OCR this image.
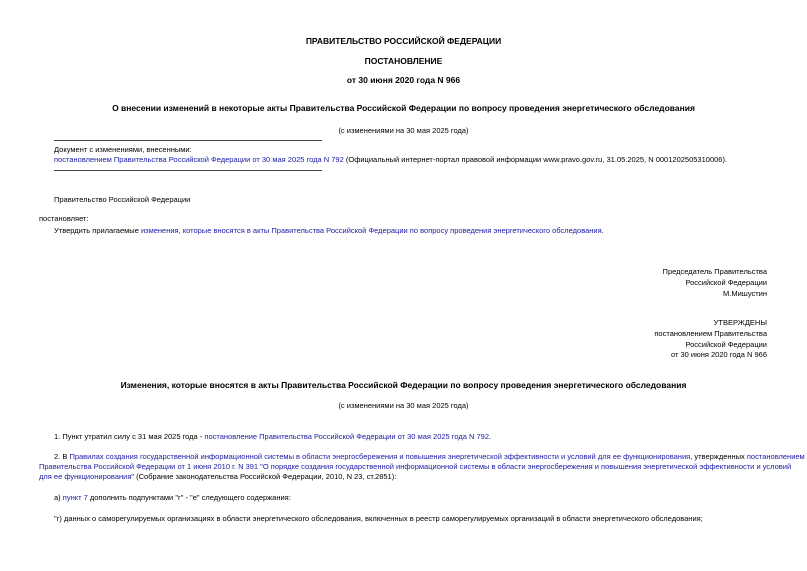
ПРАВИТЕЛЬСТВО РОССИЙСКОЙ ФЕДЕРАЦИИ
ПОСТАНОВЛЕНИЕ
от 30 июня 2020 года N 966
О внесении изменений в некоторые акты Правительства Российской Федерации по вопросу проведения энергетического обследования
(с изменениями на 30 мая 2025 года)
Документ с изменениями, внесенными:
постановлением Правительства Российской Федерации от 30 мая 2025 года N 792 (Официальный интернет-портал правовой информации www.pravo.gov.ru, 31.05.2025, N 0001202505310006).
Правительство Российской Федерации
постановляет:
Утвердить прилагаемые изменения, которые вносятся в акты Правительства Российской Федерации по вопросу проведения энергетического обследования.
Председатель Правительства
Российской Федерации
М.Мишустин
УТВЕРЖДЕНЫ
постановлением Правительства
Российской Федерации
от 30 июня 2020 года N 966
Изменения, которые вносятся в акты Правительства Российской Федерации по вопросу проведения энергетического обследования
(с изменениями на 30 мая 2025 года)
1. Пункт утратил силу с 31 мая 2025 года - постановление Правительства Российской Федерации от 30 мая 2025 года N 792.
2. В Правилах создания государственной информационной системы в области энергосбережения и повышения энергетической эффективности и условий для ее функционирования, утвержденных постановлением
Правительства Российской Федерации от 1 июня 2010 г. N 391 "О порядке создания государственной информационной системы в области энергосбережения и повышения энергетической эффективности и условий
для ее функционирования" (Собрание законодательства Российской Федерации, 2010, N 23, ст.2851):
а) пункт 7 дополнить подпунктами "г" - "е" следующего содержания:
"г) данных о саморегулируемых организациях в области энергетического обследования, включенных в реестр саморегулируемых организаций в области энергетического обследования;
